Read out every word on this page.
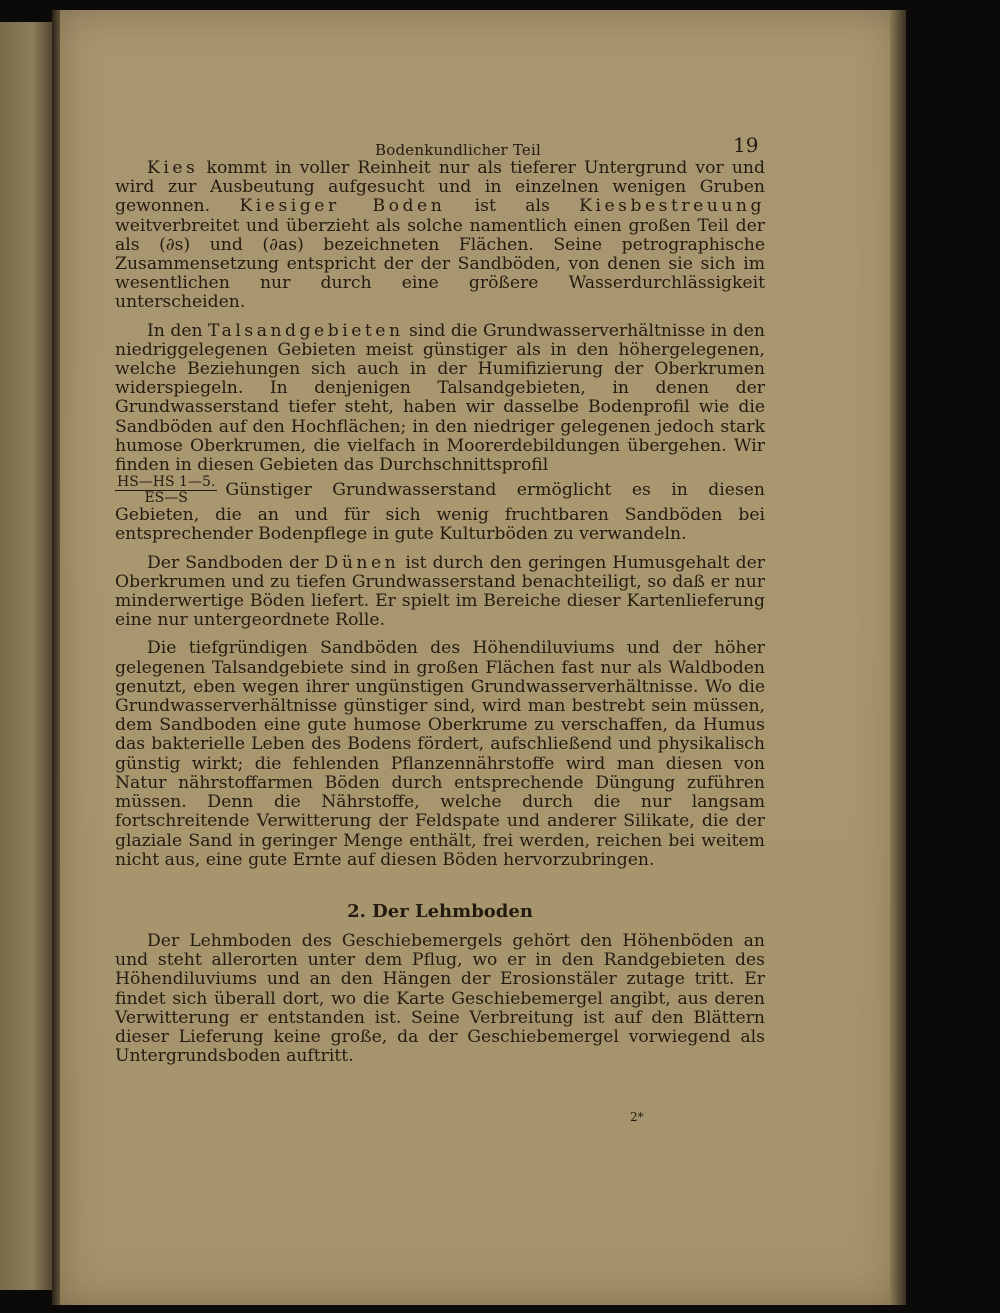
Bodenkundlicher Teil	19

Kies kommt in voller Reinheit nur als tieferer Untergrund vor und wird zur Ausbeutung aufgesucht und in einzelnen wenigen Gruben gewonnen. Kiesiger Boden ist als Kiesbestreuung weitverbreitet und überzieht als solche namentlich einen großen Teil der als (∂s) und (∂as) bezeichneten Flächen. Seine petrographische Zusammensetzung entspricht der der Sandböden, von denen sie sich im wesentlichen nur durch eine größere Wasserdurchlässigkeit unterscheiden.

In den Talsandgebieten sind die Grundwasserverhältnisse in den niedriggelegenen Gebieten meist günstiger als in den höhergelegenen, welche Beziehungen sich auch in der Humifizierung der Oberkrumen widerspiegeln. In denjenigen Talsandgebieten, in denen der Grundwasserstand tiefer steht, haben wir dasselbe Bodenprofil wie die Sandböden auf den Hochflächen; in den niedriger gelegenen jedoch stark humose Oberkrumen, die vielfach in Moorerdebildungen übergehen. Wir finden in diesen Gebieten das Durchschnittsprofil

$\frac{HS—HS 1—5.}{ES—S}$ Günstiger Grundwasserstand ermöglicht es in diesen Gebieten, die an und für sich wenig fruchtbaren Sandböden bei entsprechender Bodenpflege in gute Kulturböden zu verwandeln.

Der Sandboden der Dünen ist durch den geringen Humusgehalt der Oberkrumen und zu tiefen Grundwasserstand benachteiligt, so daß er nur minderwertige Böden liefert. Er spielt im Bereiche dieser Kartenlieferung eine nur untergeordnete Rolle.

Die tiefgründigen Sandböden des Höhendiluviums und der höher gelegenen Talsandgebiete sind in großen Flächen fast nur als Waldboden genutzt, eben wegen ihrer ungünstigen Grundwasserverhältnisse. Wo die Grundwasserverhältnisse günstiger sind, wird man bestrebt sein müssen, dem Sandboden eine gute humose Oberkrume zu verschaffen, da Humus das bakterielle Leben des Bodens fördert, aufschließend und physikalisch günstig wirkt; die fehlenden Pflanzennährstoffe wird man diesen von Natur nährstoffarmen Böden durch entsprechende Düngung zuführen müssen. Denn die Nährstoffe, welche durch die nur langsam fortschreitende Verwitterung der Feldspate und anderer Silikate, die der glaziale Sand in geringer Menge enthält, frei werden, reichen bei weitem nicht aus, eine gute Ernte auf diesen Böden hervorzubringen.

2. Der Lehmboden

Der Lehmboden des Geschiebemergels gehört den Höhenböden an und steht allerorten unter dem Pflug, wo er in den Randgebieten des Höhendiluviums und an den Hängen der Erosionstäler zutage tritt. Er findet sich überall dort, wo die Karte Geschiebemergel angibt, aus deren Verwitterung er entstanden ist. Seine Verbreitung ist auf den Blättern dieser Lieferung keine große, da der Geschiebemergel vorwiegend als Untergrundsboden auftritt.

2*
